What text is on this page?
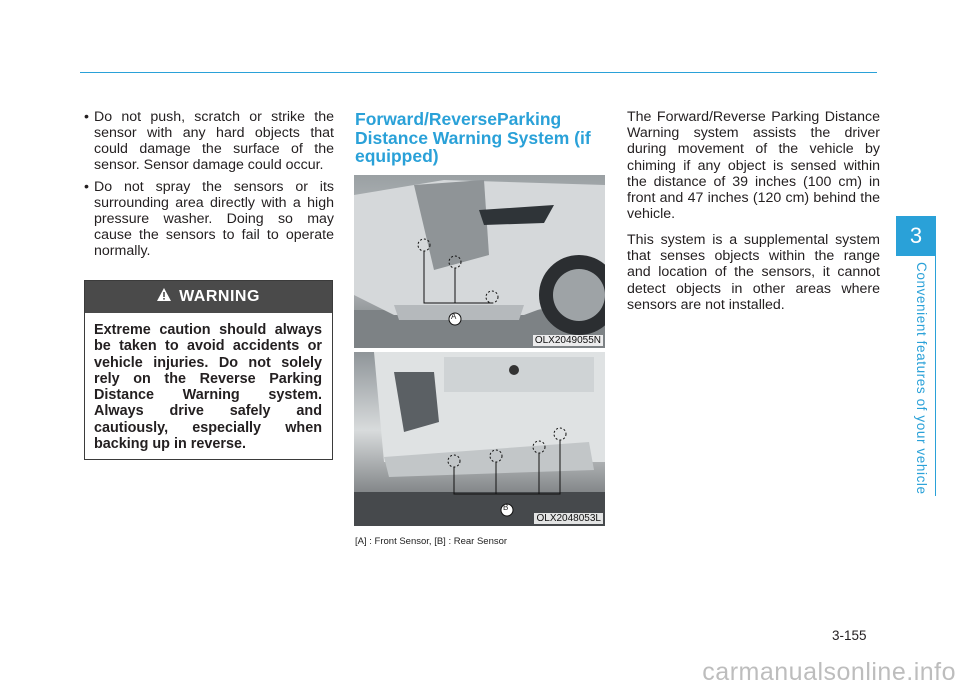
• Do not push, scratch or strike the sensor with any hard objects that could damage the surface of the sensor. Sensor damage could occur.
• Do not spray the sensors or its surrounding area directly with a high pressure washer. Doing so may cause the sensors to fail to operate normally.
WARNING
Extreme caution should always be taken to avoid accidents or vehicle injuries. Do not solely rely on the Reverse Parking Distance Warning system. Always drive safely and cautiously, especially when backing up in reverse.
Forward/ReverseParking Distance Warning System (if equipped)
A
OLX2049055N
B
OLX2048053L
[A] : Front Sensor, [B] : Rear Sensor

The Forward/Reverse Parking Distance Warning system assists the driver during movement of the vehicle by chiming if any object is sensed within the distance of 39 inches (100 cm) in front and 47 inches (120 cm) behind the vehicle.

This system is a supplemental system that senses objects within the range and location of the sensors, it cannot detect objects in other areas where sensors are not installed.

3
Convenient features of your vehicle
3-155
carmanualsonline.info
